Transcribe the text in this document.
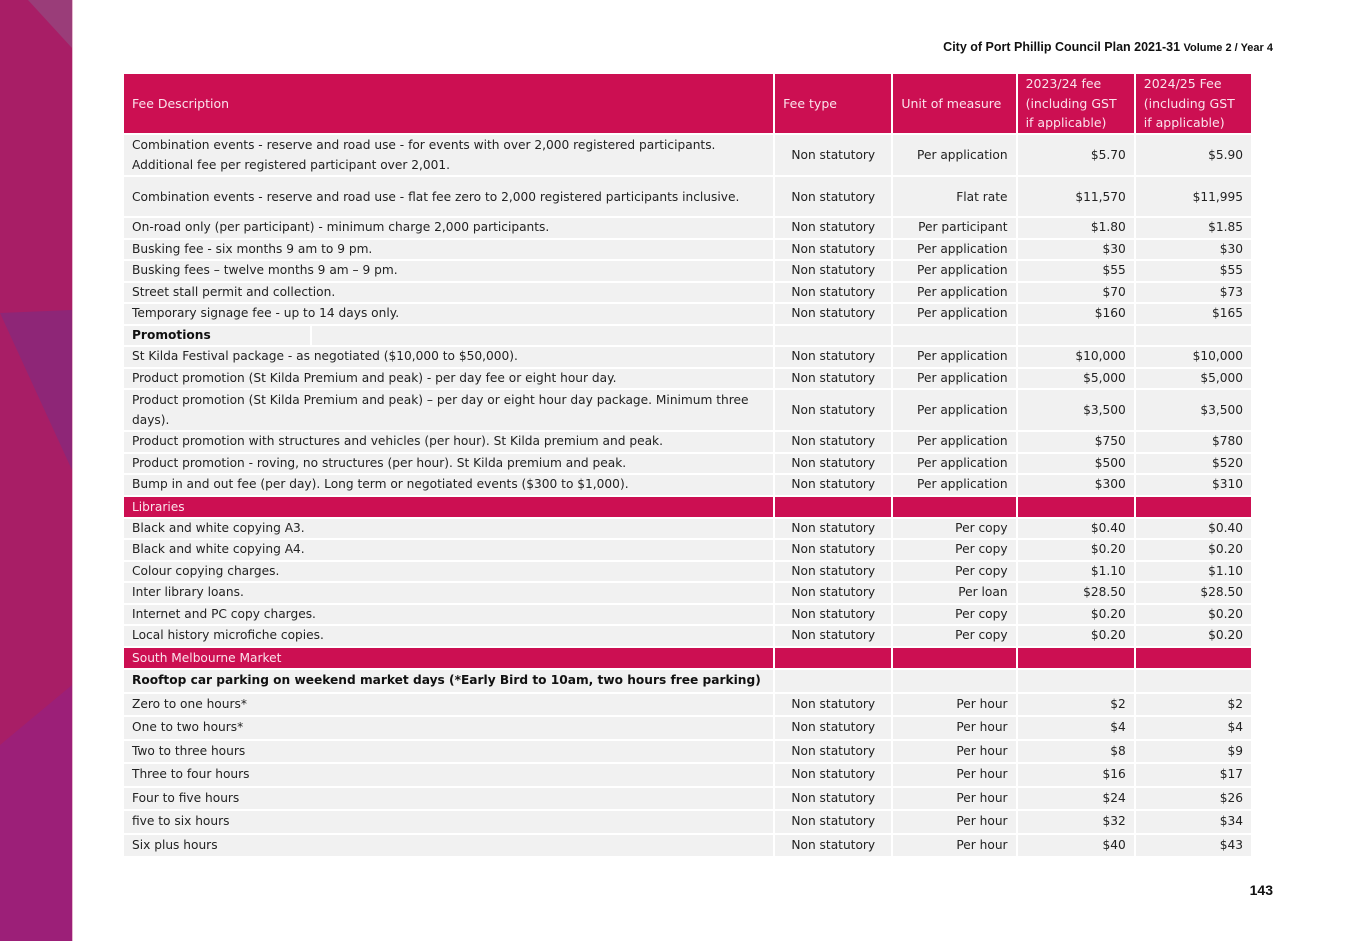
City of Port Phillip Council Plan 2021-31 Volume 2 / Year 4
Fee Description	Fee type	Unit of measure	2023/24 fee (including GST if applicable)	2024/25 Fee (including GST if applicable)
Combination events - reserve and road use - for events with over 2,000 registered participants. Additional fee per registered participant over 2,001.	Non statutory	Per application	$5.70	$5.90
Combination events - reserve and road use - flat fee zero to 2,000 registered participants inclusive.	Non statutory	Flat rate	$11,570	$11,995
On-road only (per participant) - minimum charge 2,000 participants.	Non statutory	Per participant	$1.80	$1.85
Busking fee - six months 9 am to 9 pm.	Non statutory	Per application	$30	$30
Busking fees – twelve months 9 am – 9 pm.	Non statutory	Per application	$55	$55
Street stall permit and collection.	Non statutory	Per application	$70	$73
Temporary signage fee - up to 14 days only.	Non statutory	Per application	$160	$165
Promotions				
St Kilda Festival package - as negotiated ($10,000 to $50,000).	Non statutory	Per application	$10,000	$10,000
Product promotion (St Kilda Premium and peak) - per day fee or eight hour day.	Non statutory	Per application	$5,000	$5,000
Product promotion (St Kilda Premium and peak) – per day or eight hour day package. Minimum three days).	Non statutory	Per application	$3,500	$3,500
Product promotion with structures and vehicles (per hour). St Kilda premium and peak.	Non statutory	Per application	$750	$780
Product promotion - roving, no structures (per hour). St Kilda premium and peak.	Non statutory	Per application	$500	$520
Bump in and out fee (per day). Long term or negotiated events ($300 to $1,000).	Non statutory	Per application	$300	$310
Libraries				
Black and white copying A3.	Non statutory	Per copy	$0.40	$0.40
Black and white copying A4.	Non statutory	Per copy	$0.20	$0.20
Colour copying charges.	Non statutory	Per copy	$1.10	$1.10
Inter library loans.	Non statutory	Per loan	$28.50	$28.50
Internet and PC copy charges.	Non statutory	Per copy	$0.20	$0.20
Local history microfiche copies.	Non statutory	Per copy	$0.20	$0.20
South Melbourne Market				
Rooftop car parking on weekend market days (*Early Bird to 10am, two hours free parking)				
Zero to one hours*	Non statutory	Per hour	$2	$2
One to two hours*	Non statutory	Per hour	$4	$4
Two to three hours	Non statutory	Per hour	$8	$9
Three to four hours	Non statutory	Per hour	$16	$17
Four to five hours	Non statutory	Per hour	$24	$26
five to six hours	Non statutory	Per hour	$32	$34
Six plus hours	Non statutory	Per hour	$40	$43
143
